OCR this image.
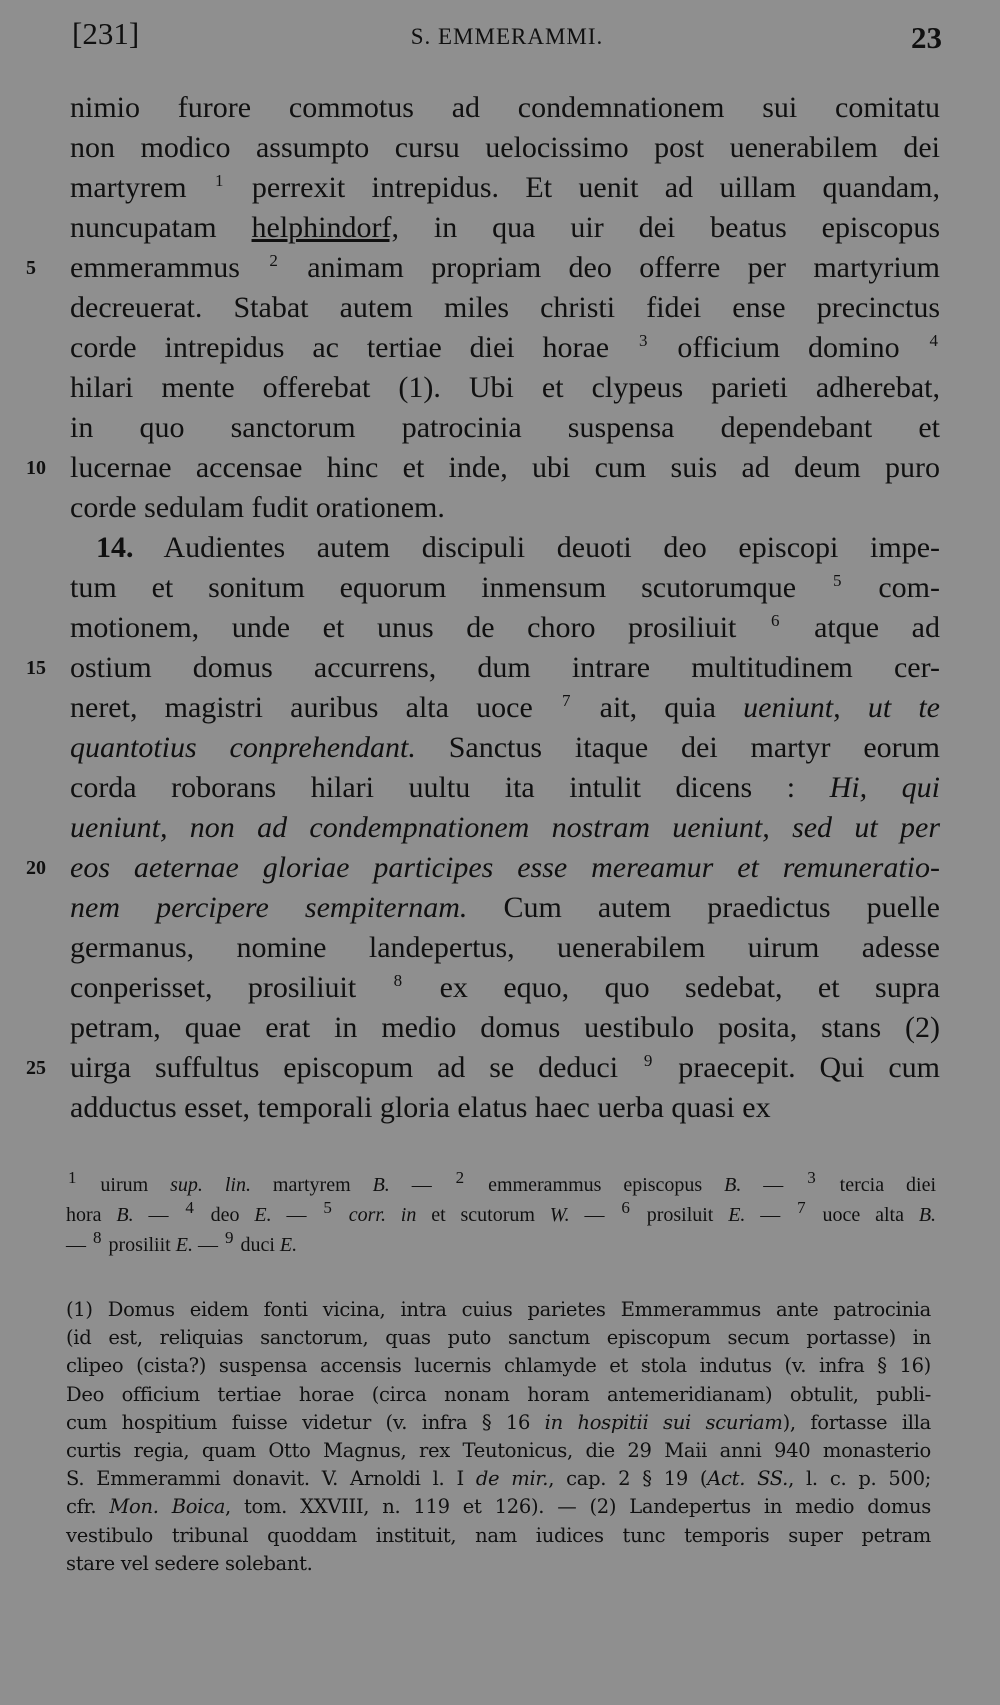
[231]	S. EMMERAMMI.	23
nimio furore commotus ad condemnationem sui comitatu
non modico assumpto cursu uelocissimo post uenerabilem dei
martyrem $^1$ perrexit intrepidus. Et uenit ad uillam quandam,
nuncupatam helphindorf, in qua uir dei beatus episcopus
5	emmerammus $^2$ animam propriam deo offerre per martyrium
decreuerat. Stabat autem miles christi fidei ense precinctus
corde intrepidus ac tertiae diei horae $^3$ officium domino $^4$
hilari mente offerebat (1). Ubi et clypeus parieti adherebat,
in quo sanctorum patrocinia suspensa dependebant et
10 lucernae accensae hinc et inde, ubi cum suis ad deum puro
corde sedulam fudit orationem.
14. Audientes autem discipuli deuoti deo episcopi impe-
tum et sonitum equorum inmensum scutorumque $^5$ com-
motionem, unde et unus de choro prosiliuit $^6$ atque ad
15 ostium domus accurrens, dum intrare multitudinem cer-
neret, magistri auribus alta uoce $^7$ ait, quia ueniunt, ut te
quantotius conprehendant. Sanctus itaque dei martyr eorum
corda roborans hilari uultu ita intulit dicens : Hi, qui
ueniunt, non ad condempnationem nostram ueniunt, sed ut per
20 eos aeternae gloriae participes esse mereamur et remuneratio-
nem percipere sempiternam. Cum autem praedictus puelle
germanus, nomine landepertus, uenerabilem uirum adesse
conperisset, prosiliuit $^8$ ex equo, quo sedebat, et supra
petram, quae erat in medio domus uestibulo posita, stans (2)
25 uirga suffultus episcopum ad se deduci $^9$ praecepit. Qui cum
adductus esset, temporali gloria elatus haec uerba quasi ex
$^1$ uirum sup. lin. martyrem B. — $^2$ emmerammus episcopus B. — $^3$ tercia diei
hora B. — $^4$ deo E. — $^5$ corr. in et scutorum W. — $^6$ prosiluit E. — $^7$ uoce alta B.
— $^8$ prosiliit E. — $^9$ duci E.
(1) Domus eidem fonti vicina, intra cuius parietes Emmerammus ante patrocinia
(id est, reliquias sanctorum, quas puto sanctum episcopum secum portasse) in
clipeo (cista?) suspensa accensis lucernis chlamyde et stola indutus (v. infra § 16)
Deo officium tertiae horae (circa nonam horam antemeridianam) obtulit, publi-
cum hospitium fuisse videtur (v. infra § 16 in hospitii sui scuriam), fortasse illa
curtis regia, quam Otto Magnus, rex Teutonicus, die 29 Maii anni 940 monasterio
S. Emmerammi donavit. V. Arnoldi l. I de mir., cap. 2 § 19 (Act. SS., l. c. p. 500;
cfr. Mon. Boica, tom. XXVIII, n. 119 et 126). — (2) Landepertus in medio domus
vestibulo tribunal quoddam instituit, nam iudices tunc temporis super petram
stare vel sedere solebant.
